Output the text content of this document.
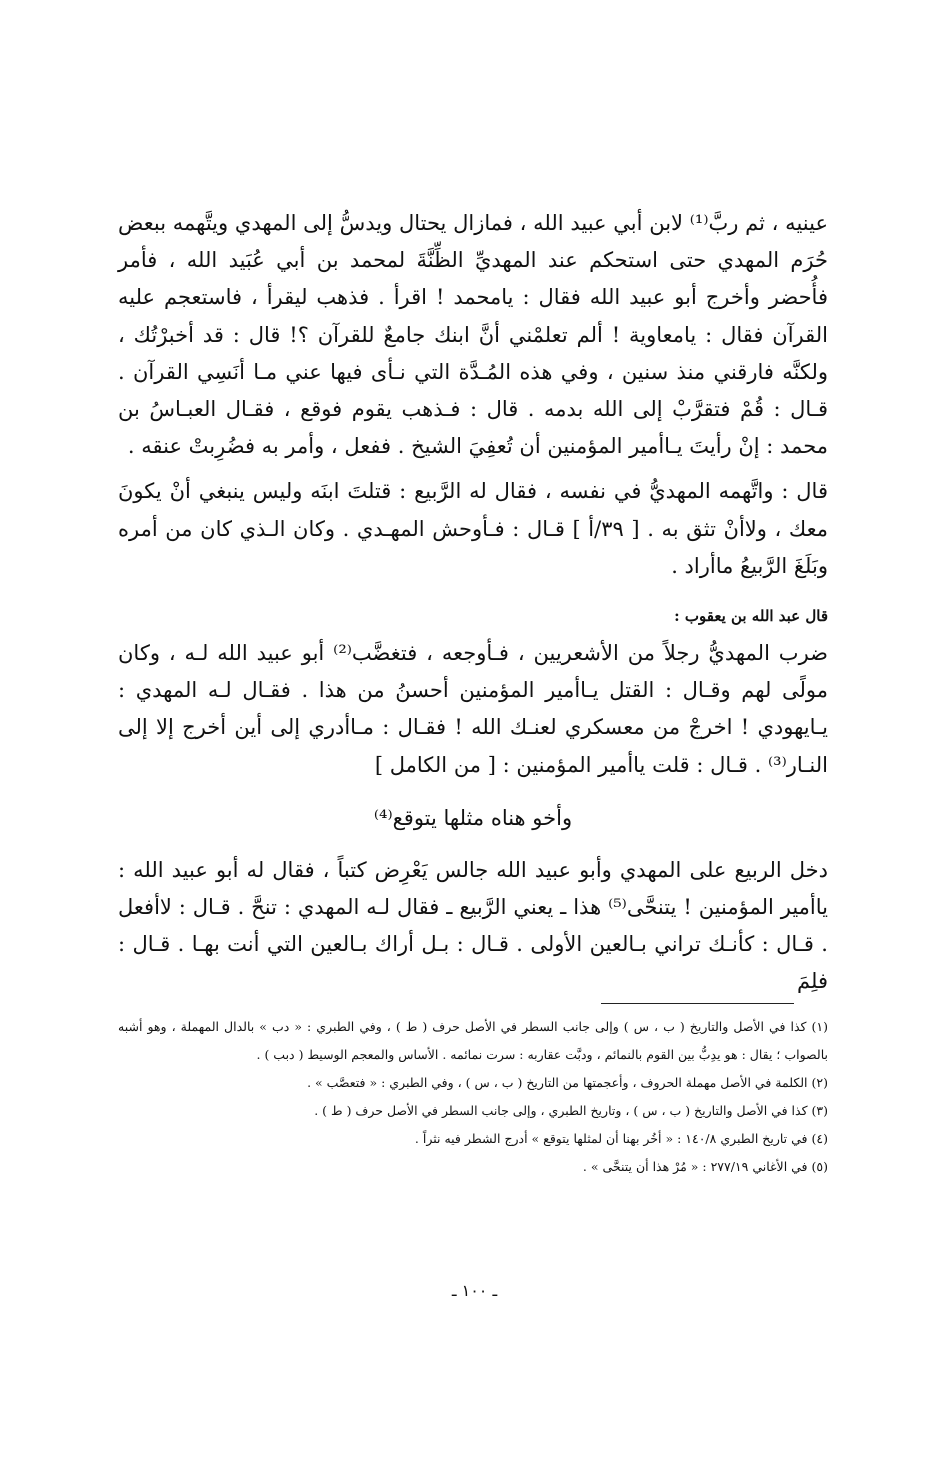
عينيه ، ثم ربَّ⁽¹⁾ لابن أبي عبيد الله ، فمازال يحتال ويدسُّ إلى المهدي ويتَّهمه ببعض حُرَم المهدي حتى استحكم عند المهديِّ الظِّنَّةَ لمحمد بن أبي عُبَيد الله ، فأمر فأُحضر وأخرج أبو عبيد الله فقال : يامحمد ! اقرأ . فذهب ليقرأ ، فاستعجم عليه القرآن فقال : يامعاوية ! ألم تعلمْني أنَّ ابنك جامعٌ للقرآن ؟! قال : قد أخبرْتُك ، ولكنَّه فارقني منذ سنين ، وفي هذه المُـدَّة التي نـأى فيها عني مـا أنَسِي القرآن . قـال : قُمْ فتقرَّبْ إلى الله بدمه . قال : فـذهب يقوم فوقع ، فقـال العبـاسُ بن محمد : إنْ رأيتَ يـاأمير المؤمنين أن تُعفِيَ الشيخ . ففعل ، وأمر به فضُرِبتْ عنقه .

قال : واتَّهمه المهديُّ في نفسه ، فقال له الرَّبيع : قتلتَ ابنَه وليس ينبغي أنْ يكونَ معك ، ولاأنْ تثق به . [ ٣٩/أ ] قـال : فـأوحش المهـدي . وكان الـذي كان من أمره وبَلَغَ الرَّبيعُ ماأراد .

قال عبد الله بن يعقوب :

ضرب المهديُّ رجلاً من الأشعريين ، فـأوجعه ، فتغضَّب⁽²⁾ أبو عبيد الله لـه ، وكان مولًى لهم وقـال : القتل يـاأمير المؤمنين أحسنُ من هذا . فقـال لـه المهدي : يـايهودي ! اخرجْ من معسكري لعنـك الله ! فقـال : مـاأدري إلى أين أخرج إلا إلى النـار⁽³⁾ . قـال : قلت ياأمير المؤمنين : [ من الكامل ]

وأخو هناه مثلها يتوقع⁽⁴⁾

دخل الربيع على المهدي وأبو عبيد الله جالس يَعْرِض كتباً ، فقال له أبو عبيد الله : ياأمير المؤمنين ! يتنحَّى⁽⁵⁾ هذا ـ يعني الرَّبيع ـ فقال لـه المهدي : تنحَّ . قـال : لاأفعل . قـال : كأنـك تراني بـالعين الأولى . قـال : بـل أراك بـالعين التي أنت بهـا . قـال : فلِمَ

(١) كذا في الأصل والتاريخ ( ب ، س ) وإلى جانب السطر في الأصل حرف ( ط ) ، وفي الطبري : « دب » بالدال المهملة ، وهو أشبه بالصواب ؛ يقال : هو يدِبُّ بين القوم بالنمائم ، ودبَّت عقاربه : سرت نمائمه . الأساس والمعجم الوسيط ( دبب ) .

(٢) الكلمة في الأصل مهملة الحروف ، وأعجمتها من التاريخ ( ب ، س ) ، وفي الطبري : « فتعصَّب » .

(٣) كذا في الأصل والتاريخ ( ب ، س ) ، وتاريخ الطبري ، وإلى جانب السطر في الأصل حرف ( ط ) .

(٤) في تاريخ الطبري ١٤٠/٨ : « أخُر بهنا أن لمثلها يتوقع » أدرج الشطر فيه نثراً .

(٥) في الأغاني ٢٧٧/١٩ : « مُرْ هذا أن يتنحَّى » .

ـ ١٠٠ ـ
